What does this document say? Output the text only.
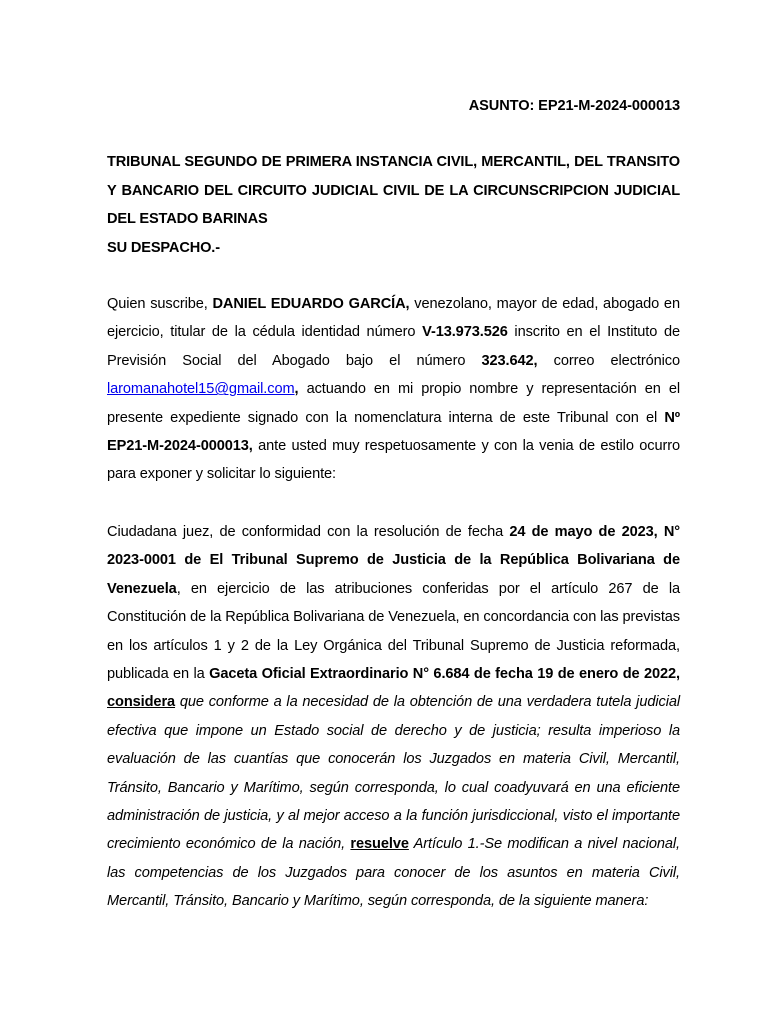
ASUNTO: EP21-M-2024-000013

TRIBUNAL SEGUNDO DE PRIMERA INSTANCIA CIVIL, MERCANTIL, DEL TRANSITO Y BANCARIO DEL CIRCUITO JUDICIAL CIVIL DE LA CIRCUNSCRIPCION JUDICIAL DEL ESTADO BARINAS
SU DESPACHO.-

Quien suscribe, DANIEL EDUARDO GARCÍA, venezolano, mayor de edad, abogado en ejercicio, titular de la cédula identidad número V-13.973.526 inscrito en el Instituto de Previsión Social del Abogado bajo el número 323.642, correo electrónico laromanahotel15@gmail.com, actuando en mi propio nombre y representación en el presente expediente signado con la nomenclatura interna de este Tribunal con el Nº EP21-M-2024-000013, ante usted muy respetuosamente y con la venia de estilo ocurro para exponer y solicitar lo siguiente:

Ciudadana juez, de conformidad con la resolución de fecha 24 de mayo de 2023, N° 2023-0001 de El Tribunal Supremo de Justicia de la República Bolivariana de Venezuela, en ejercicio de las atribuciones conferidas por el artículo 267 de la Constitución de la República Bolivariana de Venezuela, en concordancia con las previstas en los artículos 1 y 2 de la Ley Orgánica del Tribunal Supremo de Justicia reformada, publicada en la Gaceta Oficial Extraordinario N° 6.684 de fecha 19 de enero de 2022, considera que conforme a la necesidad de la obtención de una verdadera tutela judicial efectiva que impone un Estado social de derecho y de justicia; resulta imperioso la evaluación de las cuantías que conocerán los Juzgados en materia Civil, Mercantil, Tránsito, Bancario y Marítimo, según corresponda, lo cual coadyuvará en una eficiente administración de justicia, y al mejor acceso a la función jurisdiccional, visto el importante crecimiento económico de la nación, resuelve Artículo 1.-Se modifican a nivel nacional, las competencias de los Juzgados para conocer de los asuntos en materia Civil, Mercantil, Tránsito, Bancario y Marítimo, según corresponda, de la siguiente manera:
